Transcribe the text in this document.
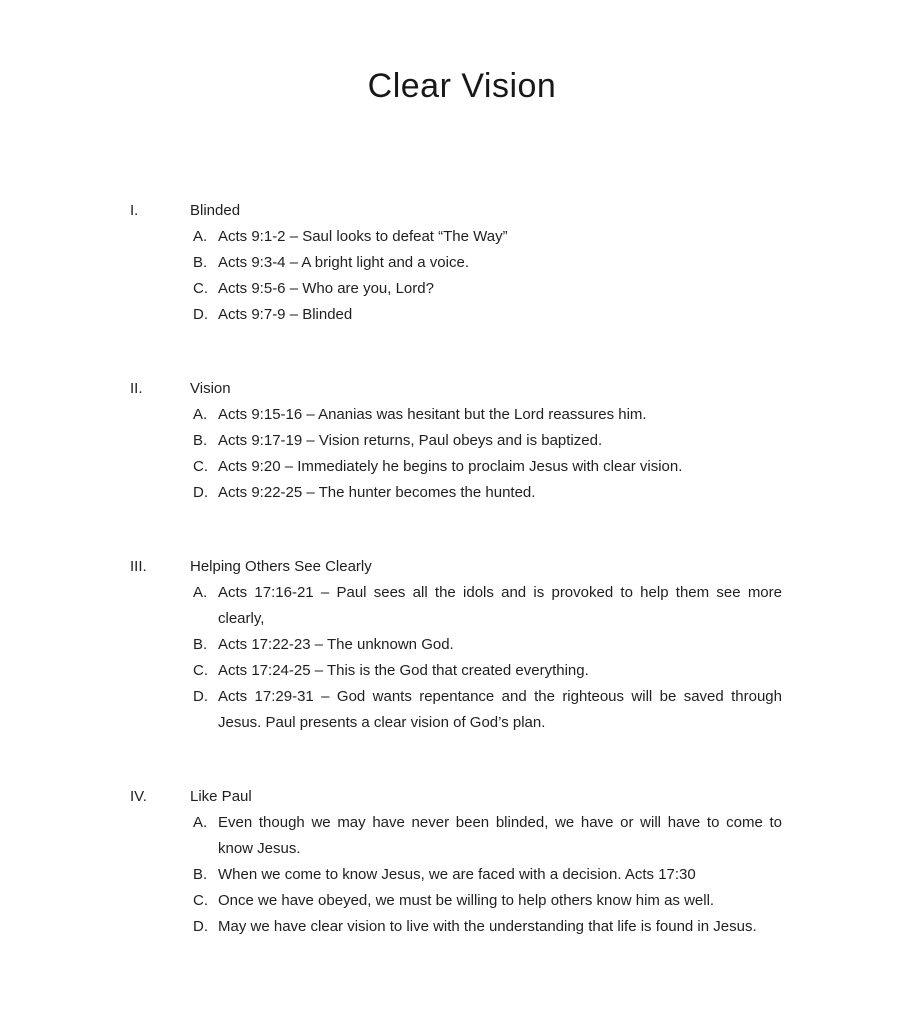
Clear Vision
I.	Blinded
A. Acts 9:1-2 – Saul looks to defeat “The Way”
B. Acts 9:3-4 – A bright light and a voice.
C. Acts 9:5-6 – Who are you, Lord?
D. Acts 9:7-9 – Blinded
II.	Vision
A. Acts 9:15-16 – Ananias was hesitant but the Lord reassures him.
B. Acts 9:17-19 – Vision returns, Paul obeys and is baptized.
C. Acts 9:20 – Immediately he begins to proclaim Jesus with clear vision.
D. Acts 9:22-25 – The hunter becomes the hunted.
III.	Helping Others See Clearly
A. Acts 17:16-21 – Paul sees all the idols and is provoked to help them see more clearly,
B. Acts 17:22-23 – The unknown God.
C. Acts 17:24-25 – This is the God that created everything.
D. Acts 17:29-31 – God wants repentance and the righteous will be saved through Jesus. Paul presents a clear vision of God’s plan.
IV.	Like Paul
A. Even though we may have never been blinded, we have or will have to come to know Jesus.
B. When we come to know Jesus, we are faced with a decision. Acts 17:30
C. Once we have obeyed, we must be willing to help others know him as well.
D. May we have clear vision to live with the understanding that life is found in Jesus.
